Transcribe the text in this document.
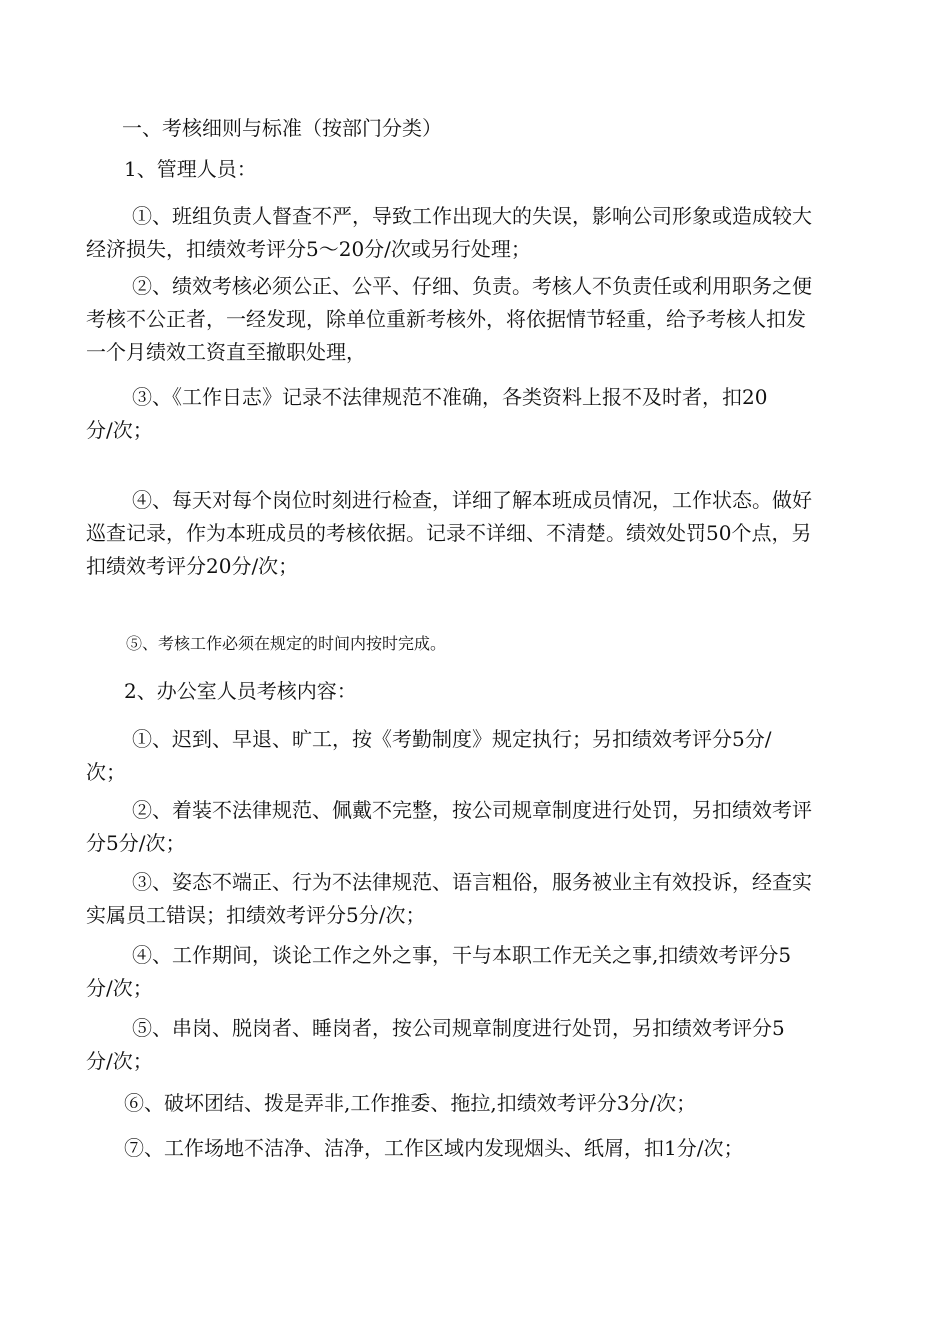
一、考核细则与标准（按部门分类）
1、管理人员：
①、班组负责人督查不严，导致工作出现大的失误，影响公司形象或造成较大
经济损失，扣绩效考评分5〜20分/次或另行处理；
②、绩效考核必须公正、公平、仔细、负责。考核人不负责任或利用职务之便
考核不公正者，一经发现，除单位重新考核外，将依据情节轻重，给予考核人扣发
一个月绩效工资直至撤职处理，
③、《工作日志》记录不法律规范不准确，各类资料上报不及时者，扣20
分/次；
④、每天对每个岗位时刻进行检查，详细了解本班成员情况，工作状态。做好
巡查记录，作为本班成员的考核依据。记录不详细、不清楚。绩效处罚50个点，另
扣绩效考评分20分/次；
⑤、考核工作必须在规定的时间内按时完成。
2、办公室人员考核内容：
①、迟到、早退、旷工，按《考勤制度》规定执行；另扣绩效考评分5分/
次；
②、着装不法律规范、佩戴不完整，按公司规章制度进行处罚，另扣绩效考评
分5分/次；
③、姿态不端正、行为不法律规范、语言粗俗，服务被业主有效投诉，经查实
实属员工错误；扣绩效考评分5分/次；
④、工作期间，谈论工作之外之事，干与本职工作无关之事,扣绩效考评分5
分/次；
⑤、串岗、脱岗者、睡岗者，按公司规章制度进行处罚，另扣绩效考评分5
分/次；
⑥、破坏团结、拨是弄非,工作推委、拖拉,扣绩效考评分3分/次；
⑦、工作场地不洁净、洁净，工作区域内发现烟头、纸屑，扣1分/次；
